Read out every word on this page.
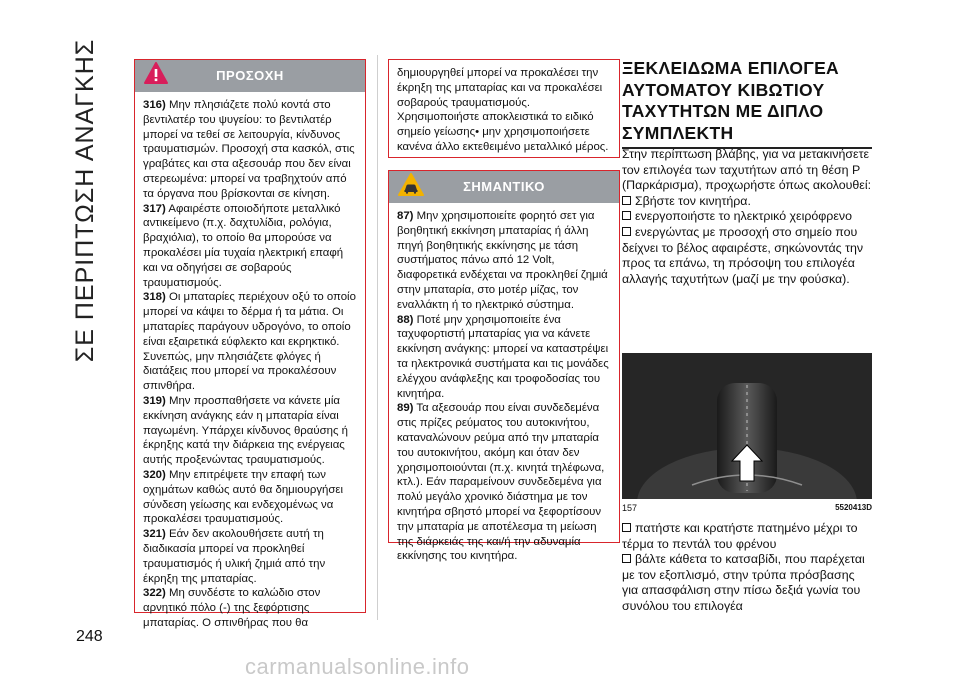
ΣΕ ΠΕΡΙΠΤΩΣΗ ΑΝΑΓΚΗΣ
248
ΠΡΟΣΟΧΗ

316) Μην πλησιάζετε πολύ κοντά στο βεντιλατέρ του ψυγείου: το βεντιλατέρ μπορεί να τεθεί σε λειτουργία, κίνδυνος τραυματισμών. Προσοχή στα κασκόλ, στις γραβάτες και στα αξεσουάρ που δεν είναι στερεωμένα: μπορεί να τραβηχτούν από τα όργανα που βρίσκονται σε κίνηση.

317) Αφαιρέστε οποιοδήποτε μεταλλικό αντικείμενο (π.χ. δαχτυλίδια, ρολόγια, βραχιόλια), το οποίο θα μπορούσε να προκαλέσει μία τυχαία ηλεκτρική επαφή και να οδηγήσει σε σοβαρούς τραυματισμούς.

318) Οι μπαταρίες περιέχουν οξύ το οποίο μπορεί να κάψει το δέρμα ή τα μάτια. Οι μπαταρίες παράγουν υδρογόνο, το οποίο είναι εξαιρετικά εύφλεκτο και εκρηκτικό. Συνεπώς, μην πλησιάζετε φλόγες ή διατάξεις που μπορεί να προκαλέσουν σπινθήρα.

319) Μην προσπαθήσετε να κάνετε μία εκκίνηση ανάγκης εάν η μπαταρία είναι παγωμένη. Υπάρχει κίνδυνος θραύσης ή έκρηξης κατά την διάρκεια της ενέργειας αυτής προξενώντας τραυματισμούς.

320) Μην επιτρέψετε την επαφή των οχημάτων καθώς αυτό θα δημιουργήσει σύνδεση γείωσης και ενδεχομένως να προκαλέσει τραυματισμούς.

321) Εάν δεν ακολουθήσετε αυτή τη διαδικασία μπορεί να προκληθεί τραυματισμός ή υλική ζημιά από την έκρηξη της μπαταρίας.

322) Μη συνδέστε το καλώδιο στον αρνητικό πόλο (-) της ξεφόρτισης μπαταρίας. Ο σπινθήρας που θα

δημιουργηθεί μπορεί να προκαλέσει την έκρηξη της μπαταρίας και να προκαλέσει σοβαρούς τραυματισμούς. Χρησιμοποιήστε αποκλειστικά το ειδικό σημείο γείωσης• μην χρησιμοποιήσετε κανένα άλλο εκτεθειμένο μεταλλικό μέρος.

ΣΗΜΑΝΤΙΚΟ

87) Μην χρησιμοποιείτε φορητό σετ για βοηθητική εκκίνηση μπαταρίας ή άλλη πηγή βοηθητικής εκκίνησης με τάση συστήματος πάνω από 12 Volt, διαφορετικά ενδέχεται να προκληθεί ζημιά στην μπαταρία, στο μοτέρ μίζας, τον εναλλάκτη ή το ηλεκτρικό σύστημα.

88) Ποτέ μην χρησιμοποιείτε ένα ταχυφορτιστή μπαταρίας για να κάνετε εκκίνηση ανάγκης: μπορεί να καταστρέψει τα ηλεκτρονικά συστήματα και τις μονάδες ελέγχου ανάφλεξης και τροφοδοσίας του κινητήρα.

89) Τα αξεσουάρ που είναι συνδεδεμένα στις πρίζες ρεύματος του αυτοκινήτου, καταναλώνουν ρεύμα από την μπαταρία του αυτοκινήτου, ακόμη και όταν δεν χρησιμοποιούνται (π.χ. κινητά τηλέφωνα, κτλ.). Εάν παραμείνουν συνδεδεμένα για πολύ μεγάλο χρονικό διάστημα με τον κινητήρα σβηστό μπορεί να ξεφορτίσουν την μπαταρία με αποτέλεσμα τη μείωση της διάρκειάς της και/ή την αδυναμία εκκίνησης του κινητήρα.

ΞΕΚΛΕΙΔΩΜΑ ΕΠΙΛΟΓΕΑ ΑΥΤΟΜΑΤΟΥ ΚΙΒΩΤΙΟΥ ΤΑΧΥΤΗΤΩΝ ΜΕ ΔΙΠΛΟ ΣΥΜΠΛΕΚΤΗ

Στην περίπτωση βλάβης, για να μετακινήσετε τον επιλογέα των ταχυτήτων από τη θέση P (Παρκάρισμα), προχωρήστε όπως ακολουθεί:

Σβήστε τον κινητήρα.

ενεργοποιήστε το ηλεκτρικό χειρόφρενο

ενεργώντας με προσοχή στο σημείο που δείχνει το βέλος αφαιρέστε, σηκώνοντάς την προς τα επάνω, τη πρόσοψη του επιλογέα αλλαγής ταχυτήτων (μαζί με την φούσκα).

157	5520413D

πατήστε και κρατήστε πατημένο μέχρι το τέρμα το πεντάλ του φρένου

βάλτε κάθετα το κατσαβίδι, που παρέχεται με τον εξοπλισμό, στην τρύπα πρόσβασης για απασφάλιση στην πίσω δεξιά γωνία του συνόλου του επιλογέα

carmanualsonline.info
